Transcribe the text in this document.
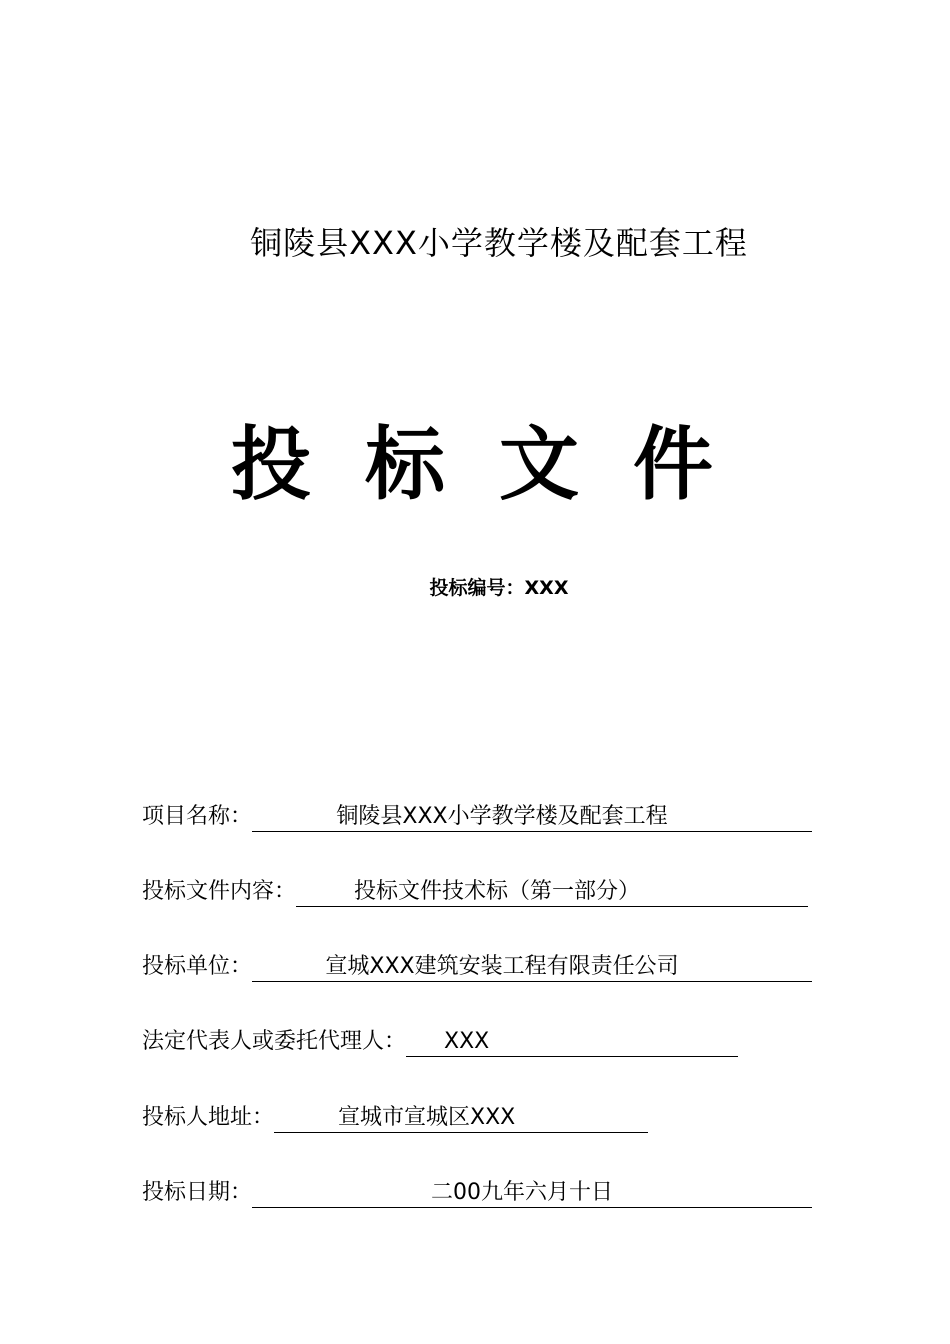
铜陵县XXX小学教学楼及配套工程
投标文件
投标编号：XXX
项目名称：	铜陵县XXX小学教学楼及配套工程
投标文件内容：	投标文件技术标（第一部分）
投标单位：	宣城XXX建筑安装工程有限责任公司
法定代表人或委托代理人：	XXX
投标人地址：	宣城市宣城区XXX
投标日期：	二00九年六月十日
